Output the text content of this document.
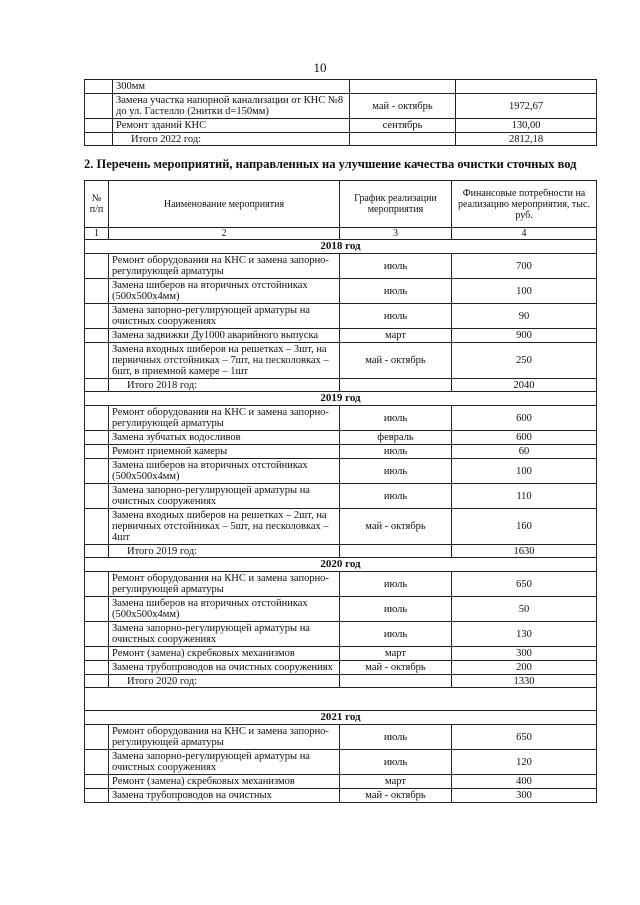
10
	300мм		
	Замена участка напорной канализации от КНС №8 до ул. Гастелло (2нитки d=150мм)	май - октябрь	1972,67
	Ремонт зданий КНС	сентябрь	130,00
	Итого 2022 год:		2812,18
2. Перечень мероприятий, направленных на улучшение качества очистки сточных вод
№ п/п	Наименование мероприятия	График реализации мероприятия	Финансовые потребности на реализацию мероприятия, тыс. руб.
1	2	3	4
2018 год			
	Ремонт оборудования на КНС и замена запорно-регулирующей арматуры	июль	700
	Замена шиберов на вторичных отстойниках (500х500х4мм)	июль	100
	Замена запорно-регулирующей арматуры на очистных сооружениях	июль	90
	Замена задвижки Ду1000 аварийного выпуска	март	900
	Замена входных шиберов на решетках – 3шт, на первичных отстойниках – 7шт, на песколовках – 6шт, в приемной камере – 1шт	май - октябрь	250
	Итого 2018 год:		2040
2019 год			
	Ремонт оборудования на КНС и замена запорно-регулирующей арматуры	июль	600
	Замена зубчатых водосливов	февраль	600
	Ремонт приемной камеры	июль	60
	Замена шиберов на вторичных отстойниках (500х500х4мм)	июль	100
	Замена запорно-регулирующей арматуры на очистных сооружениях	июль	110
	Замена входных шиберов на решетках – 2шт, на первичных отстойниках – 5шт, на песколовках – 4шт	май - октябрь	160
	Итого 2019 год:		1630
2020 год			
	Ремонт оборудования на КНС и замена запорно-регулирующей арматуры	июль	650
	Замена шиберов на вторичных отстойниках (500х500х4мм)	июль	50
	Замена запорно-регулирующей арматуры на очистных сооружениях	июль	130
	Ремонт (замена) скребковых механизмов	март	300
	Замена трубопроводов на очистных сооружениях	май - октябрь	200
	Итого 2020 год:		1330

2021 год			
	Ремонт оборудования на КНС и замена запорно-регулирующей арматуры	июль	650
	Замена запорно-регулирующей арматуры на очистных сооружениях	июль	120
	Ремонт (замена) скребковых механизмов	март	400
	Замена трубопроводов на очистных	май - октябрь	300
